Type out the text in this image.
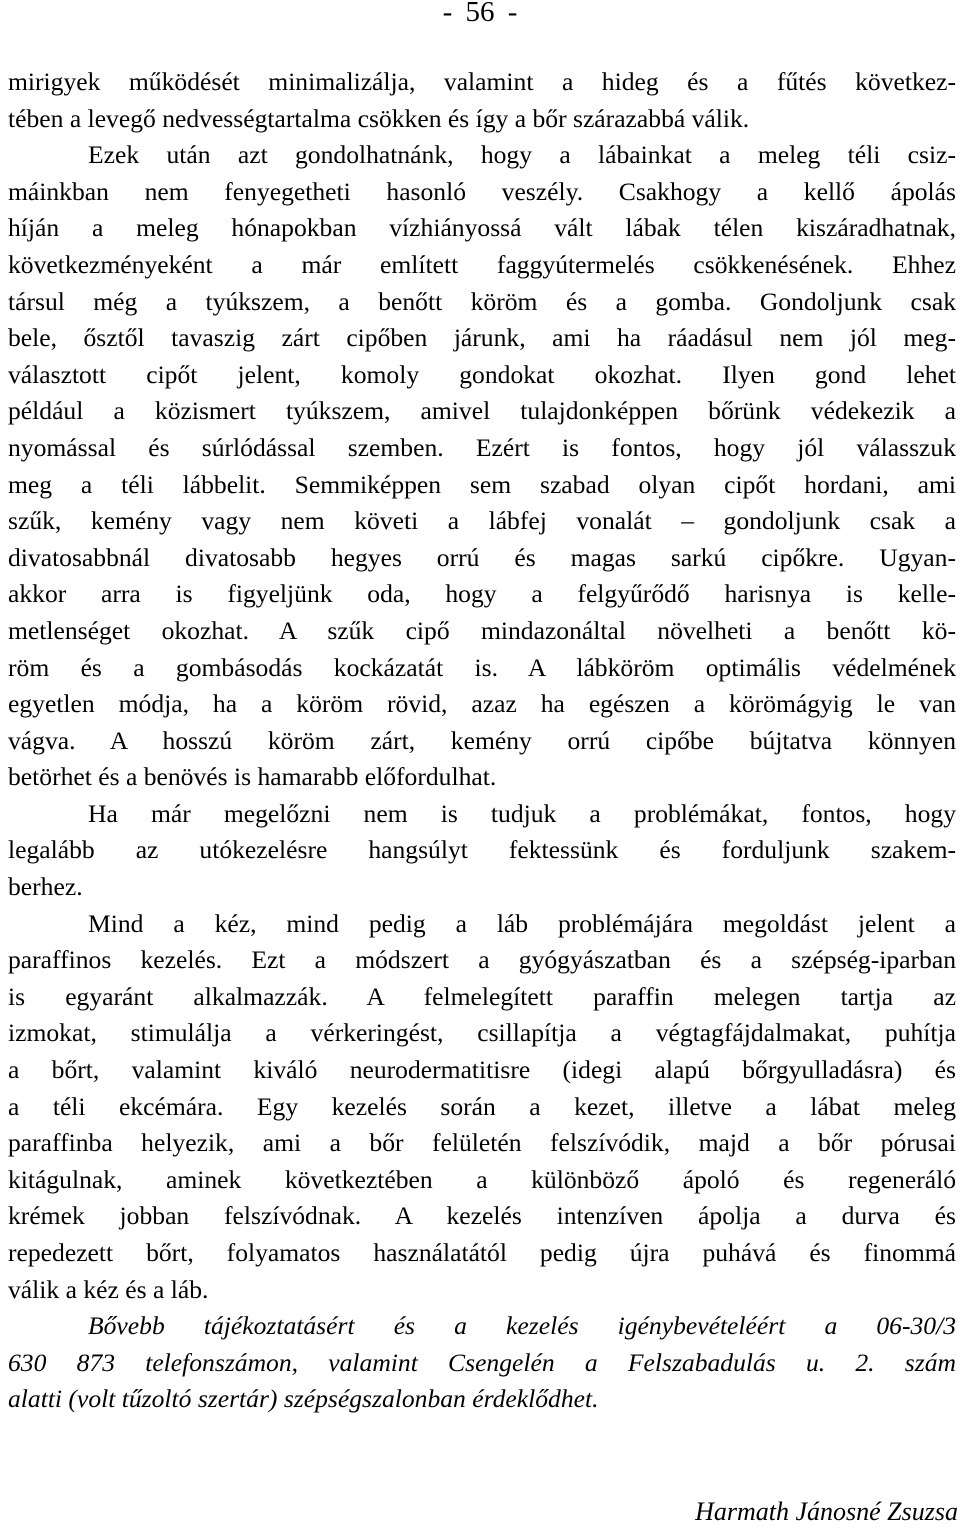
- 56 -
mirigyek működését minimalizálja, valamint a hideg és a fűtés következ-
tében a levegő nedvességtartalma csökken és így a bőr szárazabbá válik.
Ezek után azt gondolhatnánk, hogy a lábainkat a meleg téli csiz-
máinkban nem fenyegetheti hasonló veszély. Csakhogy a kellő ápolás
híján a meleg hónapokban vízhiányossá vált lábak télen kiszáradhatnak,
következményeként a már említett faggyútermelés csökkenésének. Ehhez
társul még a tyúkszem, a benőtt köröm és a gomba. Gondoljunk csak
bele, ősztől tavaszig zárt cipőben járunk, ami ha ráadásul nem jól meg-
választott cipőt jelent, komoly gondokat okozhat. Ilyen gond lehet
például a közismert tyúkszem, amivel tulajdonképpen bőrünk védekezik a
nyomással és súrlódással szemben. Ezért is fontos, hogy jól válasszuk
meg a téli lábbelit. Semmiképpen sem szabad olyan cipőt hordani, ami
szűk, kemény vagy nem követi a lábfej vonalát – gondoljunk csak a
divatosabbnál divatosabb hegyes orrú és magas sarkú cipőkre. Ugyan-
akkor arra is figyeljünk oda, hogy a felgyűrődő harisnya is kelle-
metlenséget okozhat. A szűk cipő mindazonáltal növelheti a benőtt kö-
röm és a gombásodás kockázatát is. A lábköröm optimális védelmének
egyetlen módja, ha a köröm rövid, azaz ha egészen a körömágyig le van
vágva. A hosszú köröm zárt, kemény orrú cipőbe bújtatva könnyen
betörhet és a benövés is hamarabb előfordulhat.
Ha már megelőzni nem is tudjuk a problémákat, fontos, hogy
legalább az utókezelésre hangsúlyt fektessünk és forduljunk szakem-
berhez.
Mind a kéz, mind pedig a láb problémájára megoldást jelent a
paraffinos kezelés. Ezt a módszert a gyógyászatban és a szépség-iparban
is egyaránt alkalmazzák. A felmelegített paraffin melegen tartja az
izmokat, stimulálja a vérkeringést, csillapítja a végtagfájdalmakat, puhítja
a bőrt, valamint kiváló neurodermatitisre (idegi alapú bőrgyulladásra) és
a téli ekcémára. Egy kezelés során a kezet, illetve a lábat meleg
paraffinba helyezik, ami a bőr felületén felszívódik, majd a bőr pórusai
kitágulnak, aminek következtében a különböző ápoló és regeneráló
krémek jobban felszívódnak. A kezelés intenzíven ápolja a durva és
repedezett bőrt, folyamatos használatától pedig újra puhává és finommá
válik a kéz és a láb.
Bővebb tájékoztatásért és a kezelés igénybevételéért a 06-30/3
630 873 telefonszámon, valamint Csengelén a Felszabadulás u. 2. szám
alatti (volt tűzoltó szertár) szépségszalonban érdeklődhet.
Harmath Jánosné Zsuzsa
